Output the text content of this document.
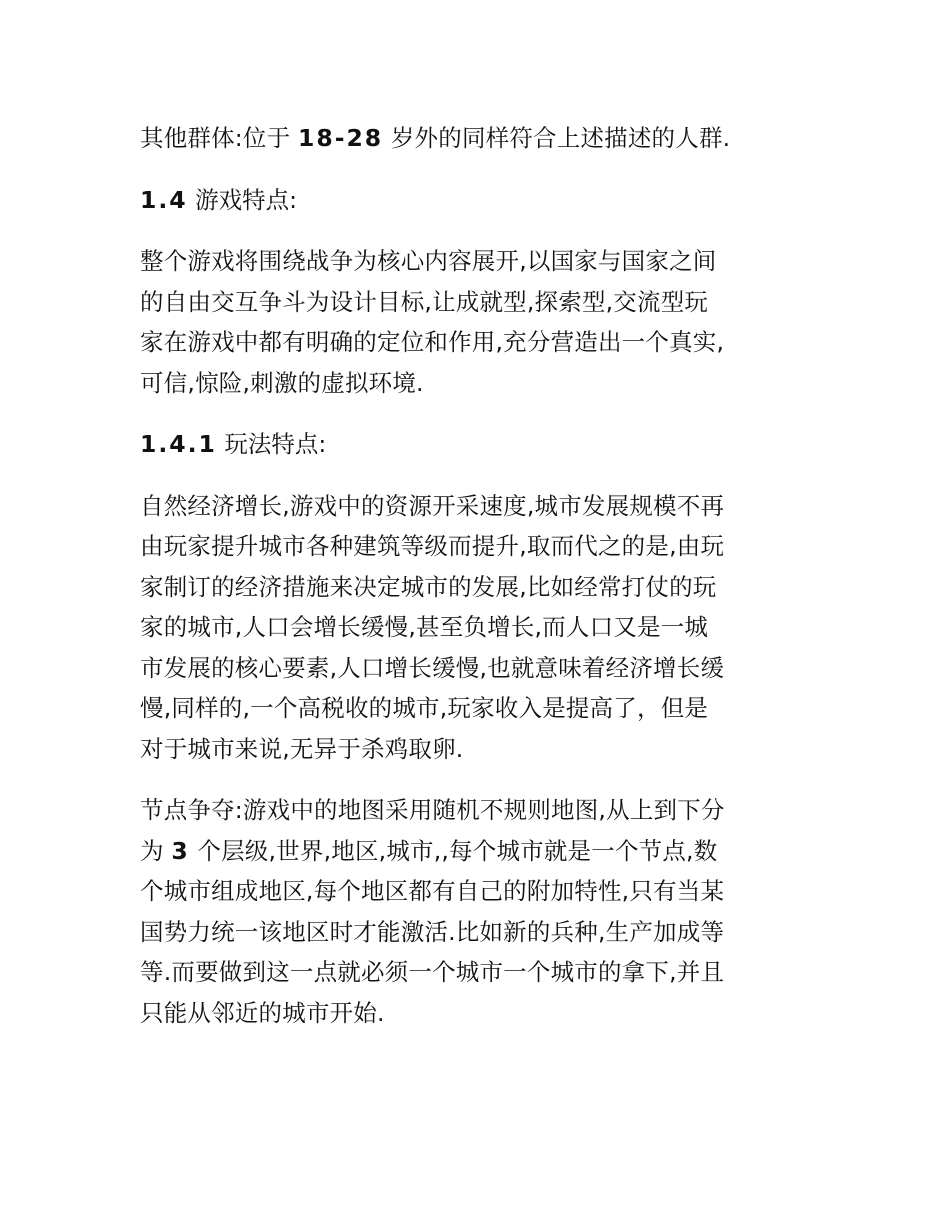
其他群体:位于 18-28 岁外的同样符合上述描述的人群.

1.4 游戏特点:

整个游戏将围绕战争为核心内容展开,以国家与国家之间
的自由交互争斗为设计目标,让成就型,探索型,交流型玩
家在游戏中都有明确的定位和作用,充分营造出一个真实,
可信,惊险,刺激的虚拟环境.

1.4.1 玩法特点:

自然经济增长,游戏中的资源开采速度,城市发展规模不再
由玩家提升城市各种建筑等级而提升,取而代之的是,由玩
家制订的经济措施来决定城市的发展,比如经常打仗的玩
家的城市,人口会增长缓慢,甚至负增长,而人口又是一城
市发展的核心要素,人口增长缓慢,也就意味着经济增长缓
慢,同样的,一个高税收的城市,玩家收入是提高了，但是
对于城市来说,无异于杀鸡取卵.

节点争夺:游戏中的地图采用随机不规则地图,从上到下分
为 3 个层级,世界,地区,城市,,每个城市就是一个节点,数
个城市组成地区,每个地区都有自己的附加特性,只有当某
国势力统一该地区时才能激活.比如新的兵种,生产加成等
等.而要做到这一点就必须一个城市一个城市的拿下,并且
只能从邻近的城市开始.
